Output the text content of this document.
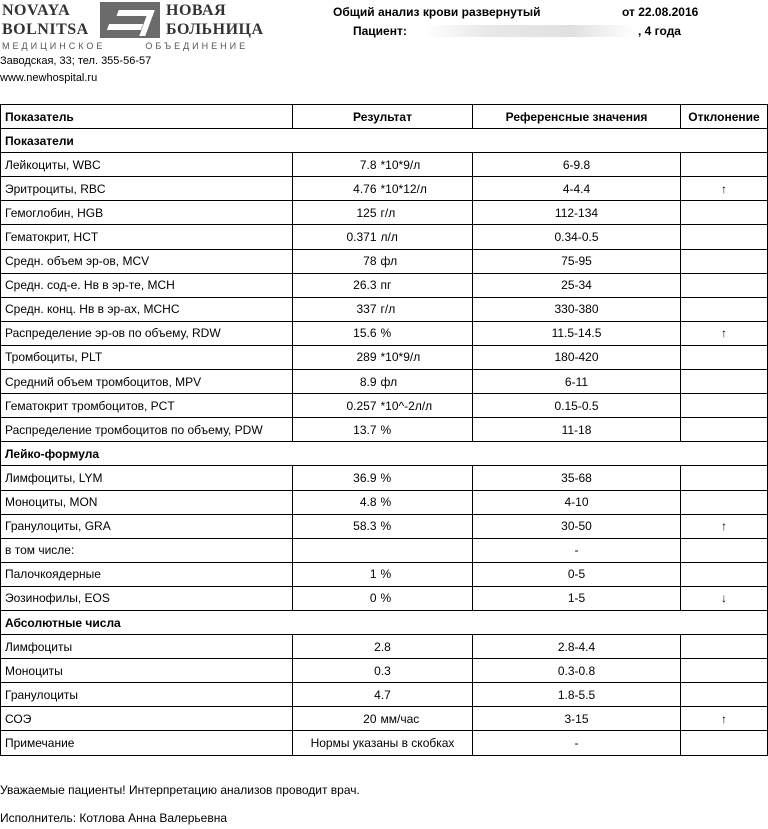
NOVAYA
BOLNITSA
НОВАЯ
БОЛЬНИЦА
МЕДИЦИНСКОЕ	ОБЪЕДИНЕНИЕ
Заводская, 33; тел. 355-56-57
www.newhospital.ru
Общий анализ крови развернутый	от 22.08.2016
Пациент:	, 4 года
Показатель	Результат		Референсные значения	Отклонение
Показатели				
Лейкоциты, WBC	7.8	*10*9/л	6-9.8	
Эритроциты, RBC	4.76	*10*12/л	4-4.4	↑
Гемоглобин, HGB	125	г/л	112-134	
Гематокрит, HCT	0.371	л/л	0.34-0.5	
Средн. объем эр-ов, MCV	78	фл	75-95	
Средн. сод-е. Нв в эр-те, MCH	26.3	пг	25-34	
Средн. конц. Нв в эр-ах, MCHC	337	г/л	330-380	
Распределение эр-ов по объему, RDW	15.6	%	11.5-14.5	↑
Тромбоциты, PLT	289	*10*9/л	180-420	
Средний объем тромбоцитов, MPV	8.9	фл	6-11	
Гематокрит тромбоцитов, PCT	0.257	*10^-2л/л	0.15-0.5	
Распределение тромбоцитов по объему, PDW	13.7	%	11-18	
Лейко-формула				
Лимфоциты, LYM	36.9	%	35-68	
Моноциты, MON	4.8	%	4-10	
Гранулоциты, GRA	58.3	%	30-50	↑
в том числе:			-	
Палочкоядерные	1	%	0-5	
Эозинофилы, EOS	0	%	1-5	↓
Абсолютные числа				
Лимфоциты	2.8		2.8-4.4	
Моноциты	0.3		0.3-0.8	
Гранулоциты	4.7		1.8-5.5	
СОЭ	20	мм/час	3-15	↑
Примечание	Нормы указаны в скобках		-	
Уважаемые пациенты! Интерпретацию анализов проводит врач.
Исполнитель: Котлова Анна Валерьевна
